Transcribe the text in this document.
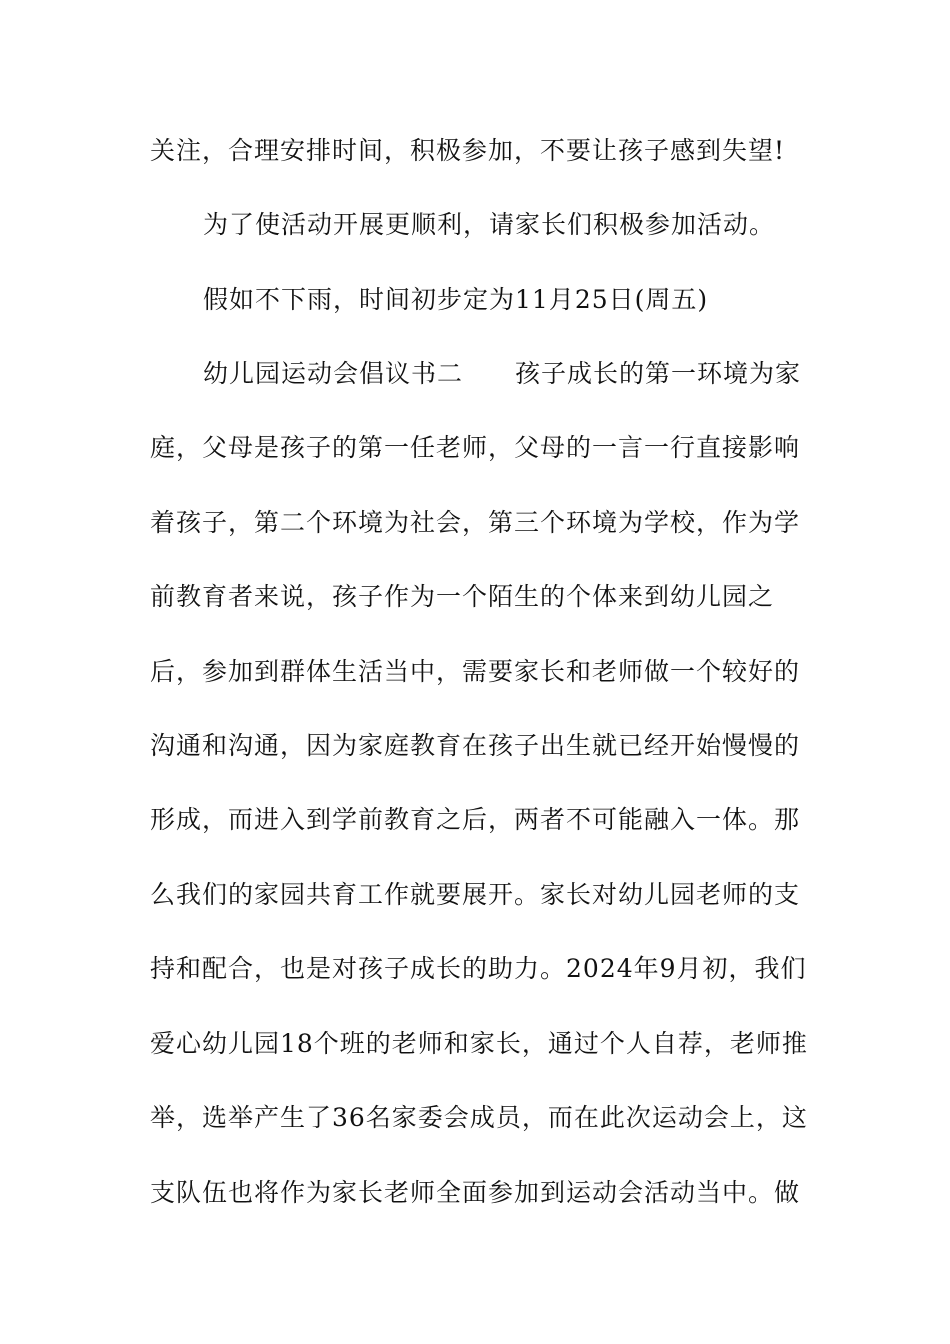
关注，合理安排时间，积极参加，不要让孩子感到失望!
为了使活动开展更顺利，请家长们积极参加活动。
假如不下雨，时间初步定为11月25日(周五)
幼儿园运动会倡议书二　　孩子成长的第一环境为家
庭，父母是孩子的第一任老师，父母的一言一行直接影响
着孩子，第二个环境为社会，第三个环境为学校，作为学
前教育者来说，孩子作为一个陌生的个体来到幼儿园之
后，参加到群体生活当中，需要家长和老师做一个较好的
沟通和沟通，因为家庭教育在孩子出生就已经开始慢慢的
形成，而进入到学前教育之后，两者不可能融入一体。那
么我们的家园共育工作就要展开。家长对幼儿园老师的支
持和配合，也是对孩子成长的助力。2024年9月初，我们
爱心幼儿园18个班的老师和家长，通过个人自荐，老师推
举，选举产生了36名家委会成员，而在此次运动会上，这
支队伍也将作为家长老师全面参加到运动会活动当中。做
